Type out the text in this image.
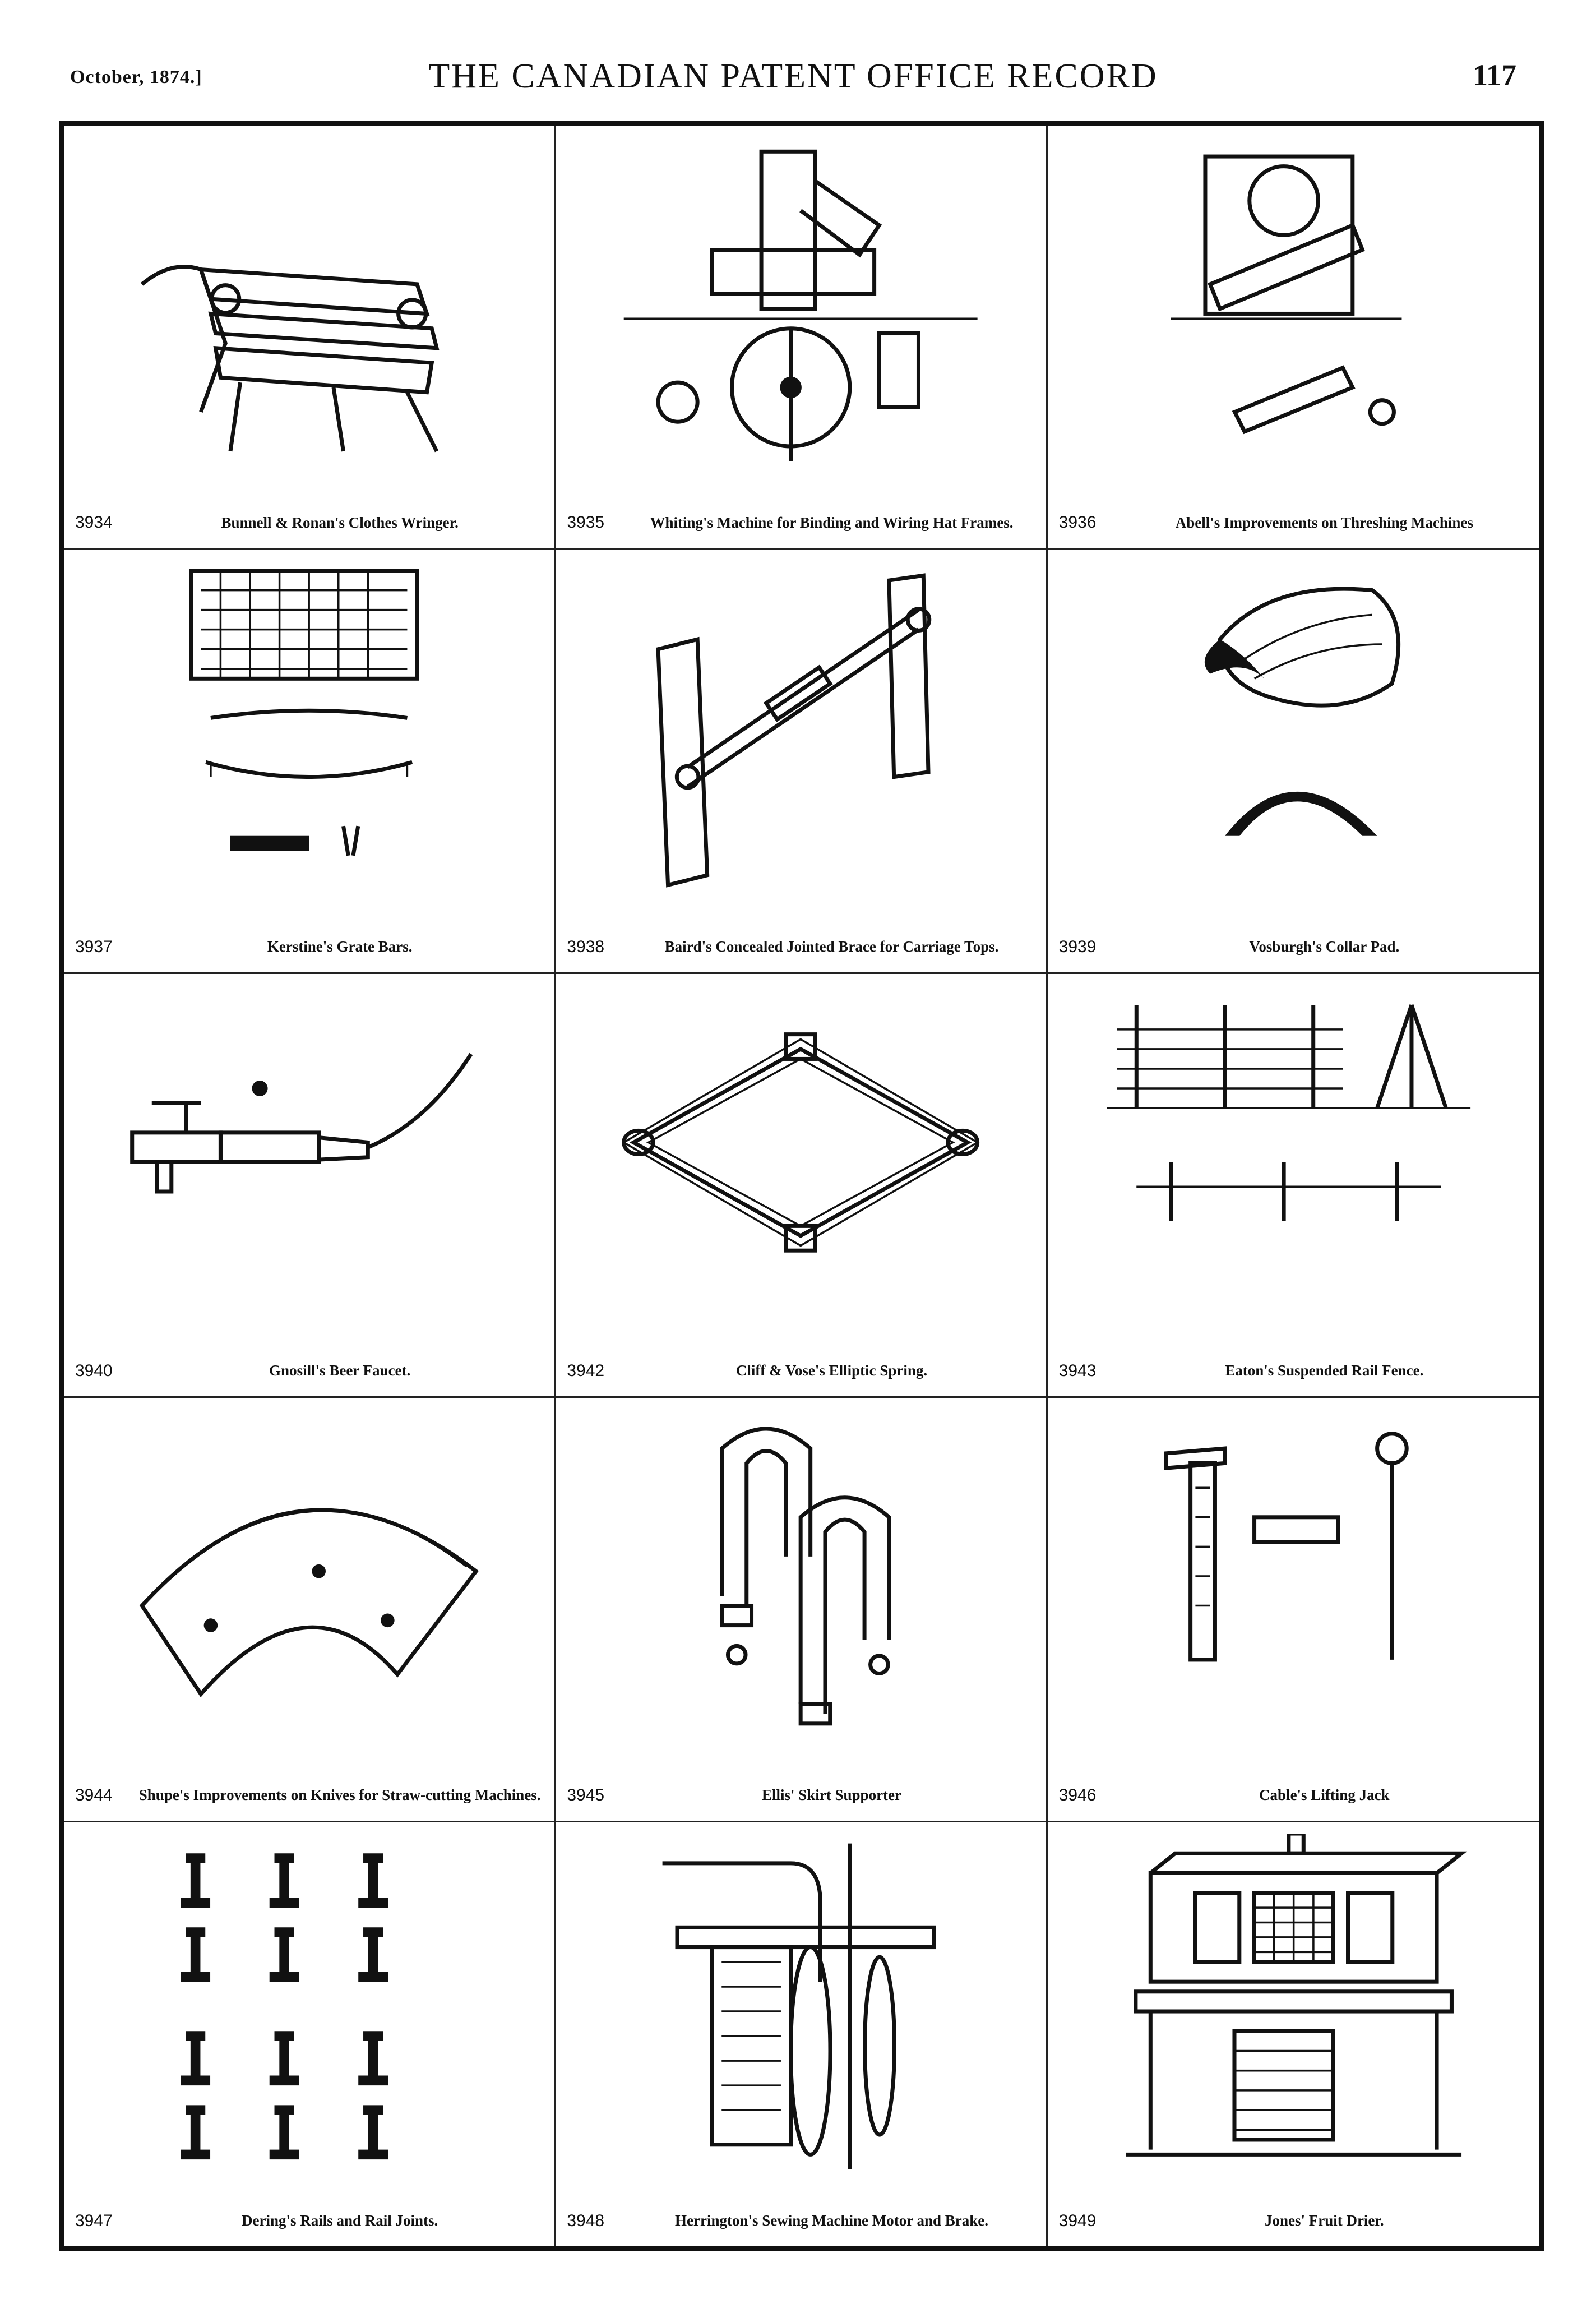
October, 1874.]	THE CANADIAN PATENT OFFICE RECORD	117
3934	Bunnell & Ronan's Clothes Wringer.	3935	Whiting's Machine for Binding and Wiring Hat Frames.	3936	Abell's Improvements on Threshing Machines
3937	Kerstine's Grate Bars.	3938	Baird's Concealed Jointed Brace for Carriage Tops.	3939	Vosburgh's Collar Pad.
3940	Gnosill's Beer Faucet.	3942	Cliff & Vose's Elliptic Spring.	3943	Eaton's Suspended Rail Fence.
3944	Shupe's Improvements on Knives for Straw-cutting Machines. 3945	Ellis' Skirt Supporter	3946	Cable's Lifting Jack
3947	Dering's Rails and Rail Joints.	3948	Herrington's Sewing Machine Motor and Brake.	3949	Jones' Fruit Drier.
